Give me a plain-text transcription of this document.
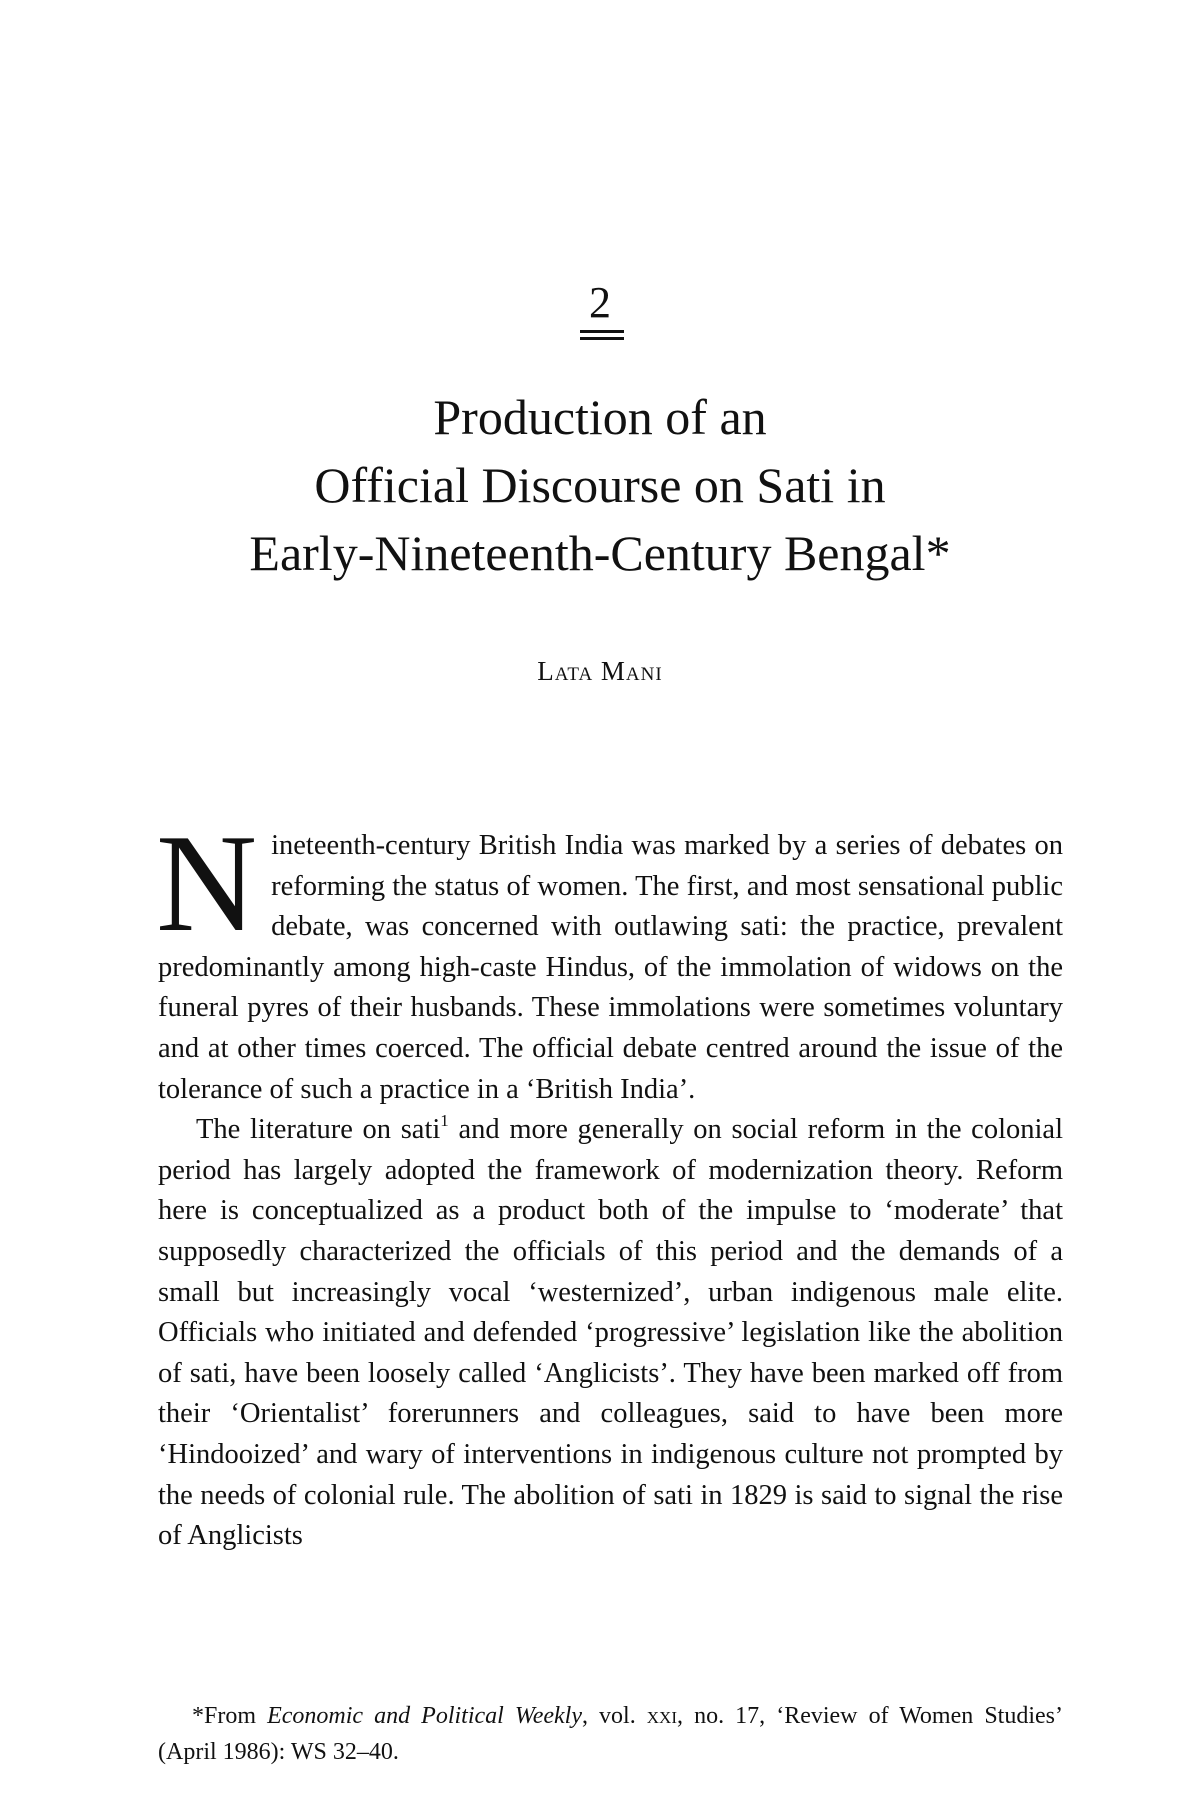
2
Production of an
Official Discourse on Sati in
Early-Nineteenth-Century Bengal*
Lata Mani

Nineteenth-century British India was marked by a series of debates on reforming the status of women. The first, and most sensational public debate, was concerned with outlawing sati: the practice, prevalent predominantly among high-caste Hindus, of the immolation of widows on the funeral pyres of their husbands. These immolations were sometimes voluntary and at other times coerced. The official debate centred around the issue of the tolerance of such a practice in a ‘British India’.

The literature on sati$^1$ and more generally on social reform in the colonial period has largely adopted the framework of modernization theory. Reform here is conceptualized as a product both of the impulse to ‘moderate’ that supposedly characterized the officials of this period and the demands of a small but increasingly vocal ‘westernized’, urban indigenous male elite. Officials who initiated and defended ‘progressive’ legislation like the abolition of sati, have been loosely called ‘Anglicists’. They have been marked off from their ‘Orientalist’ forerunners and colleagues, said to have been more ‘Hindooized’ and wary of interventions in indigenous culture not prompted by the needs of colonial rule. The abolition of sati in 1829 is said to signal the rise of Anglicists

*From Economic and Political Weekly, vol. xxi, no. 17, ‘Review of Women Studies’ (April 1986): WS 32–40.
